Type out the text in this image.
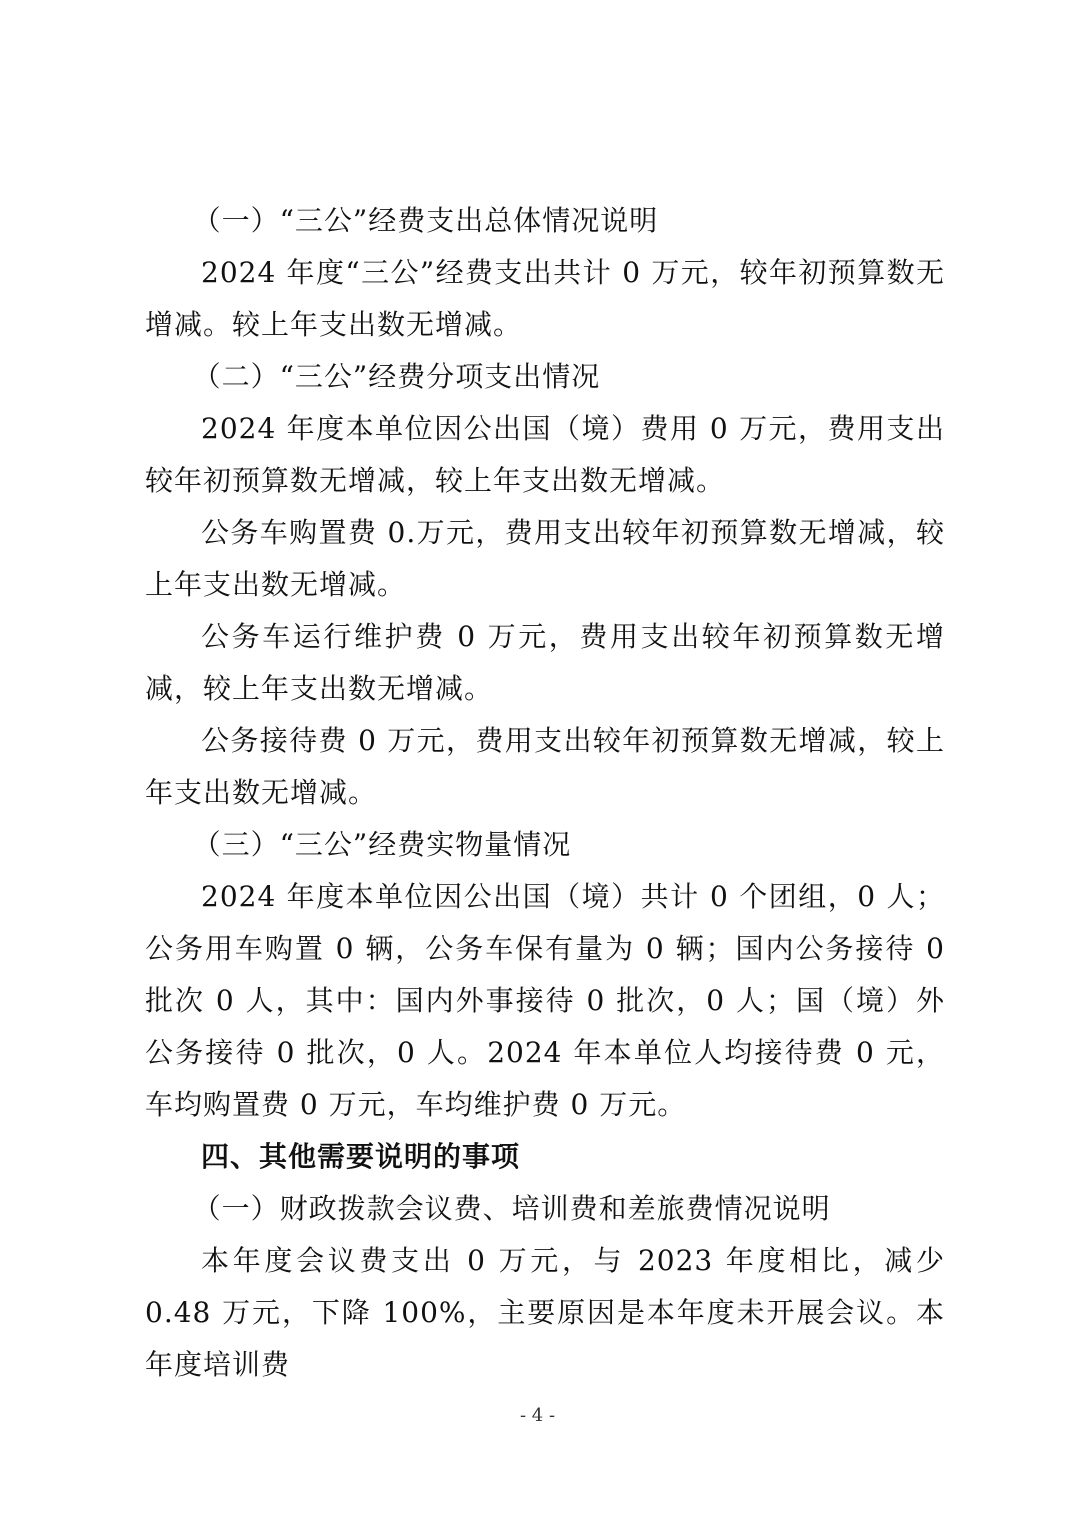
（一）“三公”经费支出总体情况说明

2024 年度“三公”经费支出共计 0 万元，较年初预算数无增减。较上年支出数无增减。

（二）“三公”经费分项支出情况

2024 年度本单位因公出国（境）费用 0 万元，费用支出较年初预算数无增减，较上年支出数无增减。

公务车购置费 0.万元，费用支出较年初预算数无增减，较上年支出数无增减。

公务车运行维护费 0 万元，费用支出较年初预算数无增减，较上年支出数无增减。

公务接待费 0 万元，费用支出较年初预算数无增减，较上年支出数无增减。

（三）“三公”经费实物量情况

2024 年度本单位因公出国（境）共计 0 个团组，0 人；公务用车购置 0 辆，公务车保有量为 0 辆；国内公务接待 0 批次 0 人，其中：国内外事接待 0 批次，0 人；国（境）外公务接待 0 批次，0 人。2024 年本单位人均接待费 0 元，车均购置费 0 万元，车均维护费 0 万元。

四、其他需要说明的事项

（一）财政拨款会议费、培训费和差旅费情况说明

本年度会议费支出 0 万元，与 2023 年度相比，减少 0.48 万元，下降 100%，主要原因是本年度未开展会议。本年度培训费

- 4 -
